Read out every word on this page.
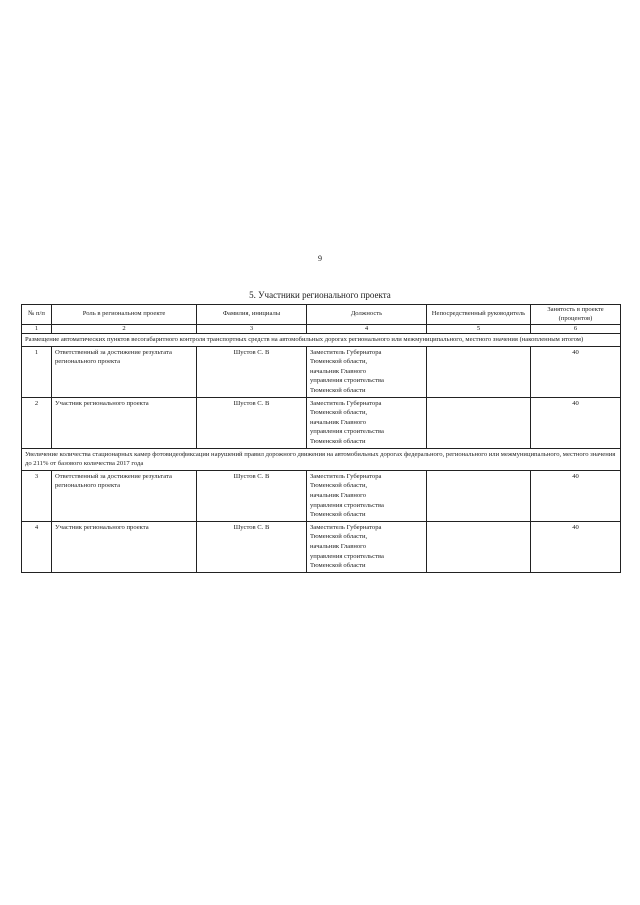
9
5. Участники регионального проекта
№ п/п	Роль в региональном проекте	Фамилия, инициалы	Должность	Непосредственный руководитель	Занятость в проекте (процентов)
1	2	3	4	5	6
Размещение автоматических пунктов весогабаритного контроля транспортных средств на автомобильных дорогах регионального или межмуниципального, местного значения (накопленным итогом)					
1	Ответственный за достижение результата регионального проекта	Шустов С. В	Заместитель Губернатора
Тюменской области,
начальник Главного
управления строительства
Тюменской области		40
2	Участник регионального проекта	Шустов С. В	Заместитель Губернатора
Тюменской области,
начальник Главного
управления строительства
Тюменской области		40
Увеличение количества стационарных камер фотовидеофиксации нарушений правил дорожного движения на автомобильных дорогах федерального, регионального или межмуниципального, местного значения до 211% от базового количества 2017 года					
3	Ответственный за достижение результата регионального проекта	Шустов С. В	Заместитель Губернатора
Тюменской области,
начальник Главного
управления строительства
Тюменской области		40
4	Участник регионального проекта	Шустов С. В	Заместитель Губернатора
Тюменской области,
начальник Главного
управления строительства
Тюменской области		40
